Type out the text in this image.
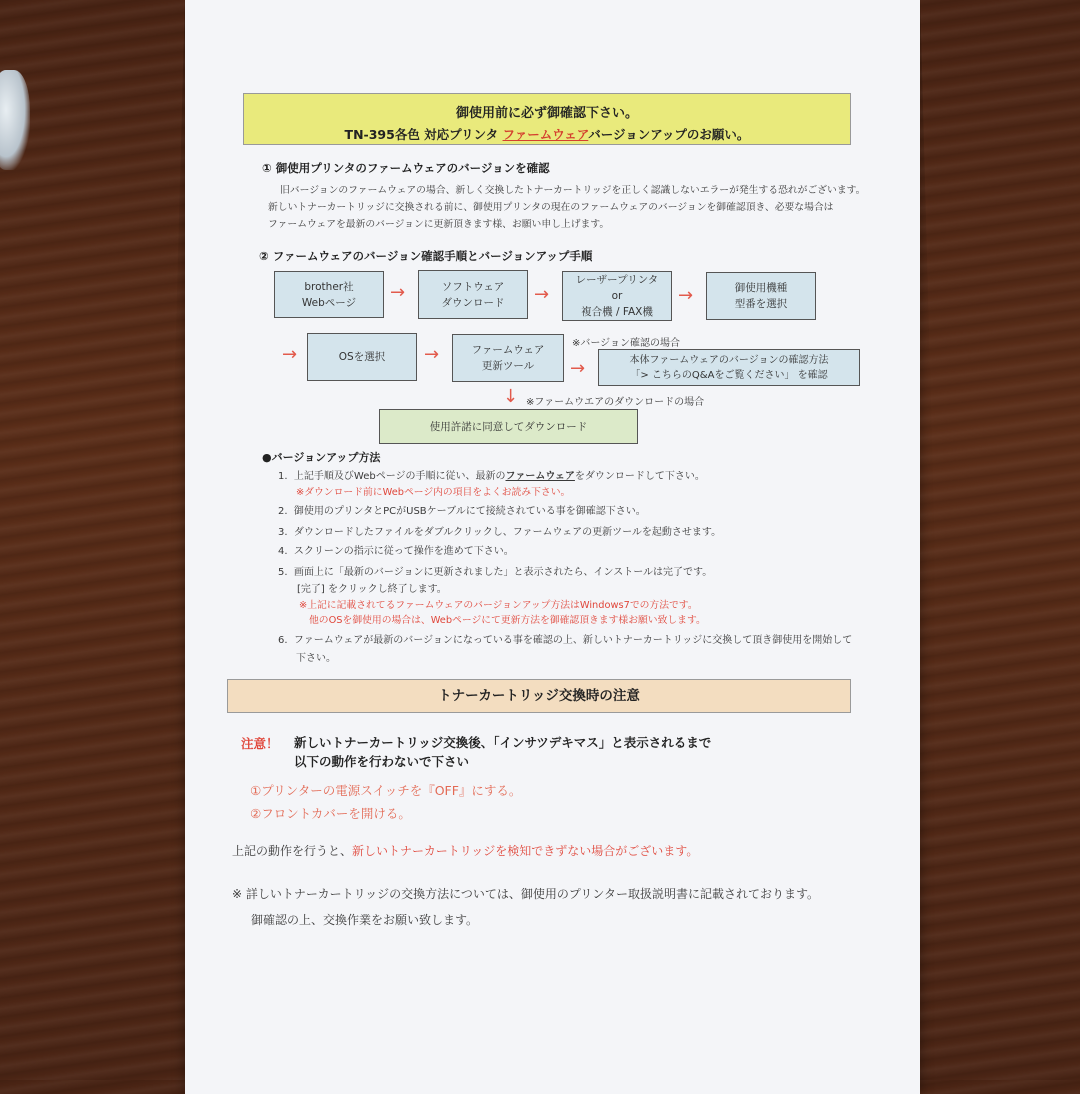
御使用前に必ず御確認下さい。
TN-395各色 対応プリンタ ファームウェアバージョンアップのお願い。
① 御使用プリンタのファームウェアのバージョンを確認
旧バージョンのファームウェアの場合、新しく交換したトナーカートリッジを正しく認識しないエラーが発生する恐れがございます。
新しいトナーカートリッジに交換される前に、御使用プリンタの現在のファームウェアのバージョンを御確認頂き、必要な場合は
ファームウェアを最新のバージョンに更新頂きます様、お願い申し上げます。
② ファームウェアのバージョン確認手順とバージョンアップ手順
brother社
Webページ →	ソフトウェア
ダウンロード →
レーザープリンタ
or
複合機 / FAX機
→	御使用機種
型番を選択
→	OSを選択 →	ファームウェア
更新ツール
※バージョン確認の場合
→	本体ファームウェアのバージョンの確認方法
「> こちらのQ&Aをご覧ください」 を確認
↓ ※ファームウエアのダウンロードの場合
使用許諾に同意してダウンロード
●バージョンアップ方法
1. 上記手順及びWebページの手順に従い、最新のファームウェアをダウンロードして下さい。
※ダウンロード前にWebページ内の項目をよくお読み下さい。
2. 御使用のプリンタとPCがUSBケーブルにて接続されている事を御確認下さい。
3. ダウンロードしたファイルをダブルクリックし、ファームウェアの更新ツールを起動させます。
4. スクリーンの指示に従って操作を進めて下さい。
5. 画面上に「最新のバージョンに更新されました」と表示されたら、インストールは完了です。
[完了] をクリックし終了します。
※上記に記載されてるファームウェアのバージョンアップ方法はWindows7での方法です。
他のOSを御使用の場合は、Webページにて更新方法を御確認頂きます様お願い致します。
6. ファームウェアが最新のバージョンになっている事を確認の上、新しいトナーカートリッジに交換して頂き御使用を開始して
下さい。
トナーカートリッジ交換時の注意
注意！ 新しいトナーカートリッジ交換後、「インサツデキマス」と表示されるまで
以下の動作を行わないで下さい
①プリンターの電源スイッチを『OFF』にする。
②フロントカバーを開ける。
上記の動作を行うと、新しいトナーカートリッジを検知できずない場合がございます。
※ 詳しいトナーカートリッジの交換方法については、御使用のプリンター取扱説明書に記載されております。
御確認の上、交換作業をお願い致します。
